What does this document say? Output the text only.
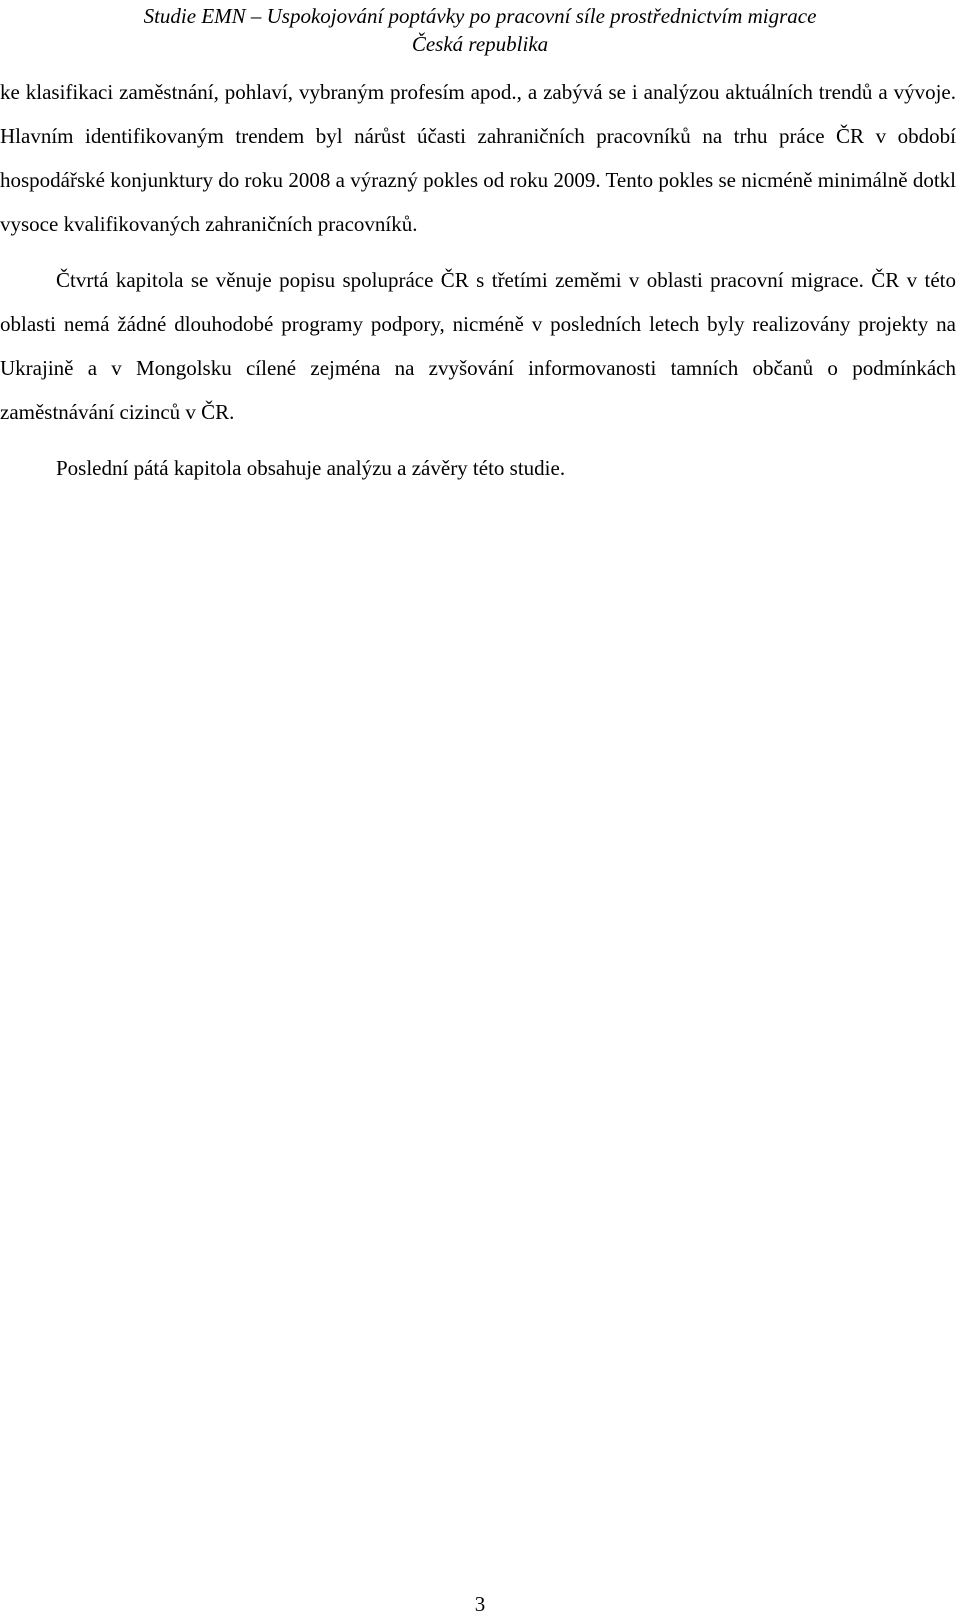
Studie EMN – Uspokojování poptávky po pracovní síle prostřednictvím migrace
Česká republika

ke klasifikaci zaměstnání, pohlaví, vybraným profesím apod., a zabývá se i analýzou aktuálních trendů a vývoje. Hlavním identifikovaným trendem byl nárůst účasti zahraničních pracovníků na trhu práce ČR v období hospodářské konjunktury do roku 2008 a výrazný pokles od roku 2009. Tento pokles se nicméně minimálně dotkl vysoce kvalifikovaných zahraničních pracovníků.

Čtvrtá kapitola se věnuje popisu spolupráce ČR s třetími zeměmi v oblasti pracovní migrace. ČR v této oblasti nemá žádné dlouhodobé programy podpory, nicméně v posledních letech byly realizovány projekty na Ukrajině a v Mongolsku cílené zejména na zvyšování informovanosti tamních občanů o podmínkách zaměstnávání cizinců v ČR.

Poslední pátá kapitola obsahuje analýzu a závěry této studie.

3
